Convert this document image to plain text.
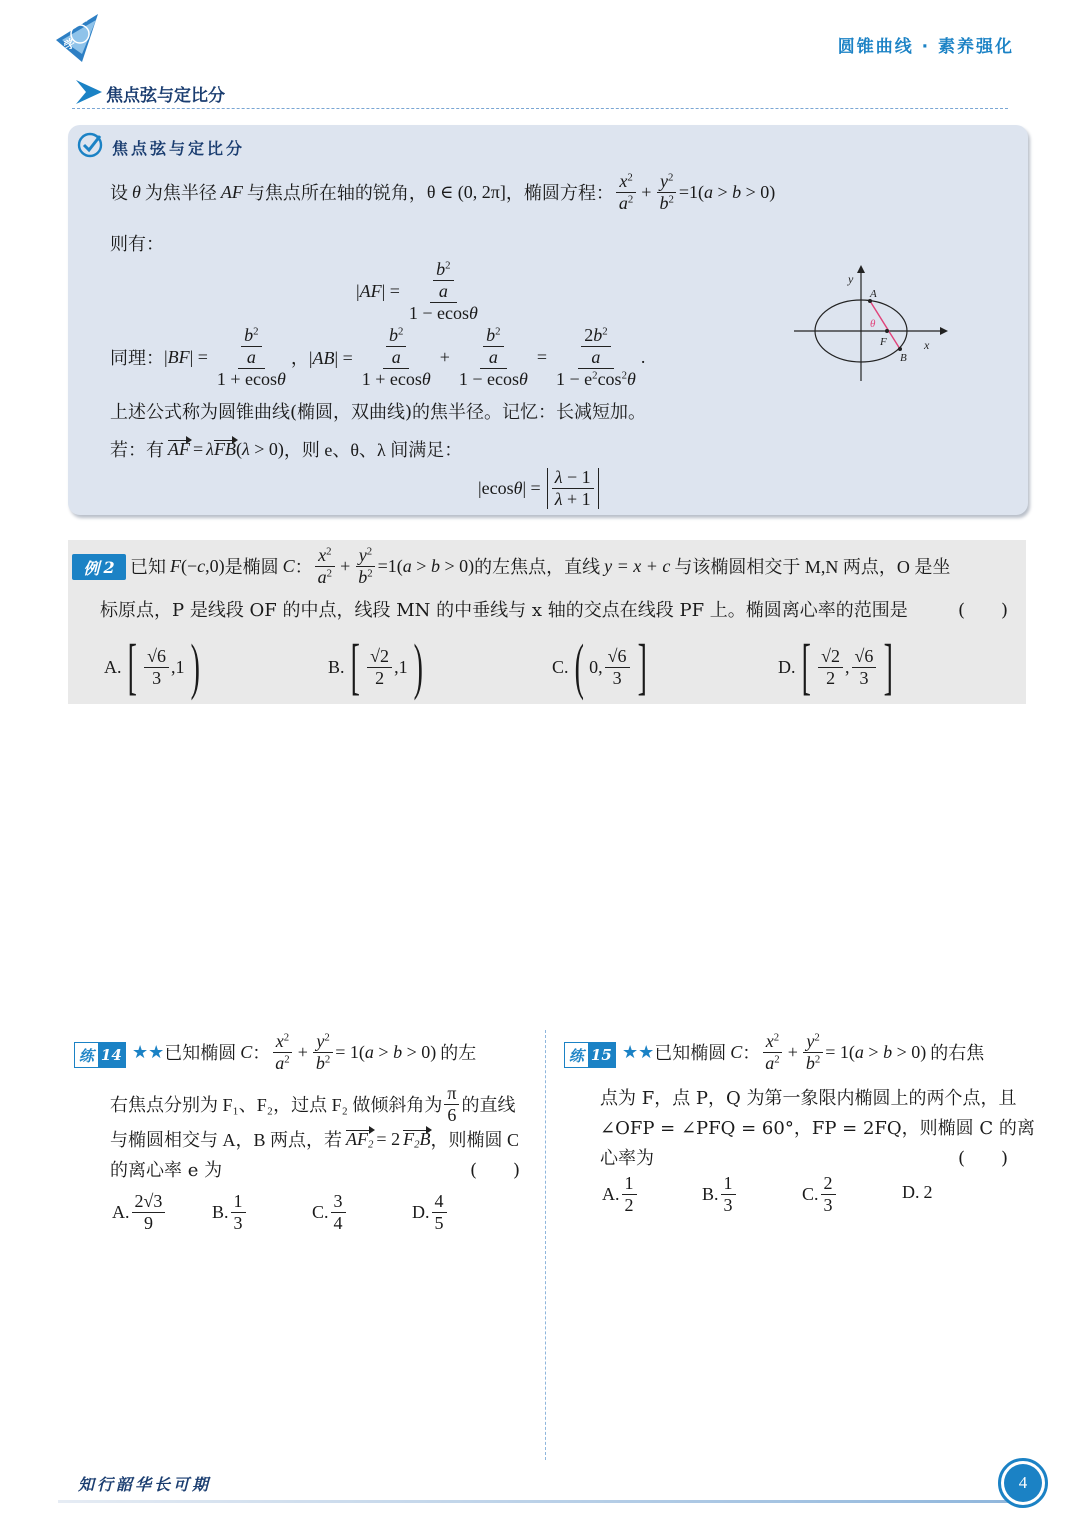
知行数学	圆锥曲线 · 素养强化
焦点弦与定比分
焦点弦与定比分
设 θ 为焦半径 AF 与焦点所在轴的锐角， θ ∈ (0, 2π] ，椭圆方程： $\frac{x^2}{a^2} + \frac{y^2}{b^2} =1(a > b > 0)$
则有：
$|AF| = \frac{\frac{b^2}{a}}{1 - ecos\theta}$
同理： $|BF| = \frac{\frac{b^2}{a}}{1 + ecos\theta}$ ，$|AB| = \frac{\frac{b^2}{a}}{1 + ecos\theta} + \frac{\frac{b^2}{a}}{1 - ecos\theta} = \frac{\frac{2b^2}{a}}{1 - e^2\cos^2\theta}$ .
上述公式称为圆锥曲线(椭圆，双曲线)的焦半径。记忆：长减短加。
若：有 AF = λ FB (λ > 0) ，则 e、θ、λ 间满足：
$|ecos\theta| = \frac{\lambda - 1}{\lambda + 1}$
y
x
A
F
B
θ
例 2 已知 F (−c,0) 是椭圆 C ： $\frac{x^2}{a^2} + \frac{y^2}{b^2} =1(a > b > 0)$ 的左焦点，直线 y = x + c 与该椭圆相交于 M,N 两点，O 是坐
标原点，P 是线段 OF 的中点，线段 MN 的中垂线与 x 轴的交点在线段 PF 上。椭圆离心率的范围是	(　　)
A. [ $\frac{√6}{3} ,1$ )	B. [ $\frac{√2}{2} ,1$ )	C. ( 0, $\frac{√6}{3}$ ]	D. [ $\frac{√2}{2}$ , $\frac{√6}{3}$ ]
练 14 ★★ 已知椭圆 C ： $\frac{x^2}{a^2} + \frac{y^2}{b^2} = 1(a > b > 0)$ 的左
右焦点分别为 F₁、F₂，过点 F₂ 做倾斜角为 $\frac{\pi}{6}$ 的直线
与椭圆相交与 A，B 两点，若 $AF_2 = 2$ $F_2B$ ，则椭圆 C
的离心率 e 为	(　　)
A. $\frac{2√3}{9}$	B. $\frac{1}{3}$	C. $\frac{3}{4}$	D. $\frac{4}{5}$
练 15 ★★ 已知椭圆 C ： $\frac{x^2}{a^2} + \frac{y^2}{b^2} = 1(a > b > 0)$ 的右焦
点为 F，点 P，Q 为第一象限内椭圆上的两个点，且
∠OFP = ∠PFQ = 60°，FP = 2FQ，则椭圆 C 的离
心率为	(　　)
A. $\frac{1}{2}$	B. $\frac{1}{3}$	C. $\frac{2}{3}$	D. 2
知行韶华长可期	4
